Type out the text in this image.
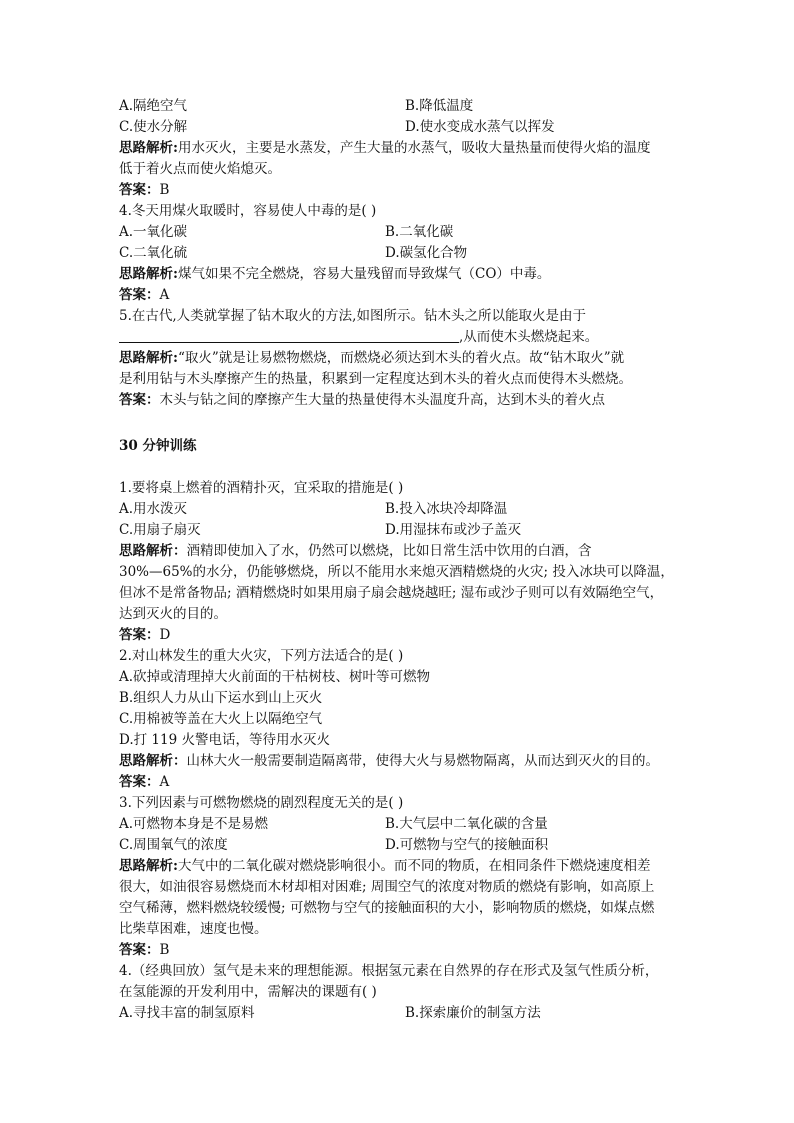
A.隔绝空气	B.降低温度
C.使水分解	D.使水变成水蒸气以挥发
思路解析:用水灭火，主要是水蒸发，产生大量的水蒸气，吸收大量热量而使得火焰的温度
低于着火点而使火焰熄灭。
答案：B
4.冬天用煤火取暖时，容易使人中毒的是( )
A.一氧化碳	B.二氧化碳
C.二氧化硫	D.碳氢化合物
思路解析:煤气如果不完全燃烧，容易大量残留而导致煤气（CO）中毒。
答案：A
5.在古代,人类就掌握了钻木取火的方法,如图所示。钻木头之所以能取火是由于
,从而使木头燃烧起来。
思路解析:“取火”就是让易燃物燃烧，而燃烧必须达到木头的着火点。故“钻木取火”就
是利用钻与木头摩擦产生的热量，积累到一定程度达到木头的着火点而使得木头燃烧。
答案：木头与钻之间的摩擦产生大量的热量使得木头温度升高，达到木头的着火点
30 分钟训练
1.要将桌上燃着的酒精扑灭，宜采取的措施是( )
A.用水泼灭	B.投入冰块冷却降温
C.用扇子扇灭	D.用湿抹布或沙子盖灭
思路解析：酒精即使加入了水，仍然可以燃烧，比如日常生活中饮用的白酒，含
30%—65%的水分，仍能够燃烧，所以不能用水来熄灭酒精燃烧的火灾; 投入冰块可以降温，
但冰不是常备物品; 酒精燃烧时如果用扇子扇会越烧越旺; 湿布或沙子则可以有效隔绝空气，
达到灭火的目的。
答案：D
2.对山林发生的重大火灾，下列方法适合的是( )
A.砍掉或清理掉大火前面的干枯树枝、树叶等可燃物
B.组织人力从山下运水到山上灭火
C.用棉被等盖在大火上以隔绝空气
D.打 119 火警电话，等待用水灭火
思路解析：山林大火一般需要制造隔离带，使得大火与易燃物隔离，从而达到灭火的目的。
答案：A
3.下列因素与可燃物燃烧的剧烈程度无关的是( )
A.可燃物本身是不是易燃	B.大气层中二氧化碳的含量
C.周围氧气的浓度	D.可燃物与空气的接触面积
思路解析:大气中的二氧化碳对燃烧影响很小。而不同的物质，在相同条件下燃烧速度相差
很大，如油很容易燃烧而木材却相对困难; 周围空气的浓度对物质的燃烧有影响，如高原上
空气稀薄，燃料燃烧较缓慢; 可燃物与空气的接触面积的大小，影响物质的燃烧，如煤点燃
比柴草困难，速度也慢。
答案：B
4.（经典回放）氢气是未来的理想能源。根据氢元素在自然界的存在形式及氢气性质分析，
在氢能源的开发利用中，需解决的课题有( )
A.寻找丰富的制氢原料	B.探索廉价的制氢方法
